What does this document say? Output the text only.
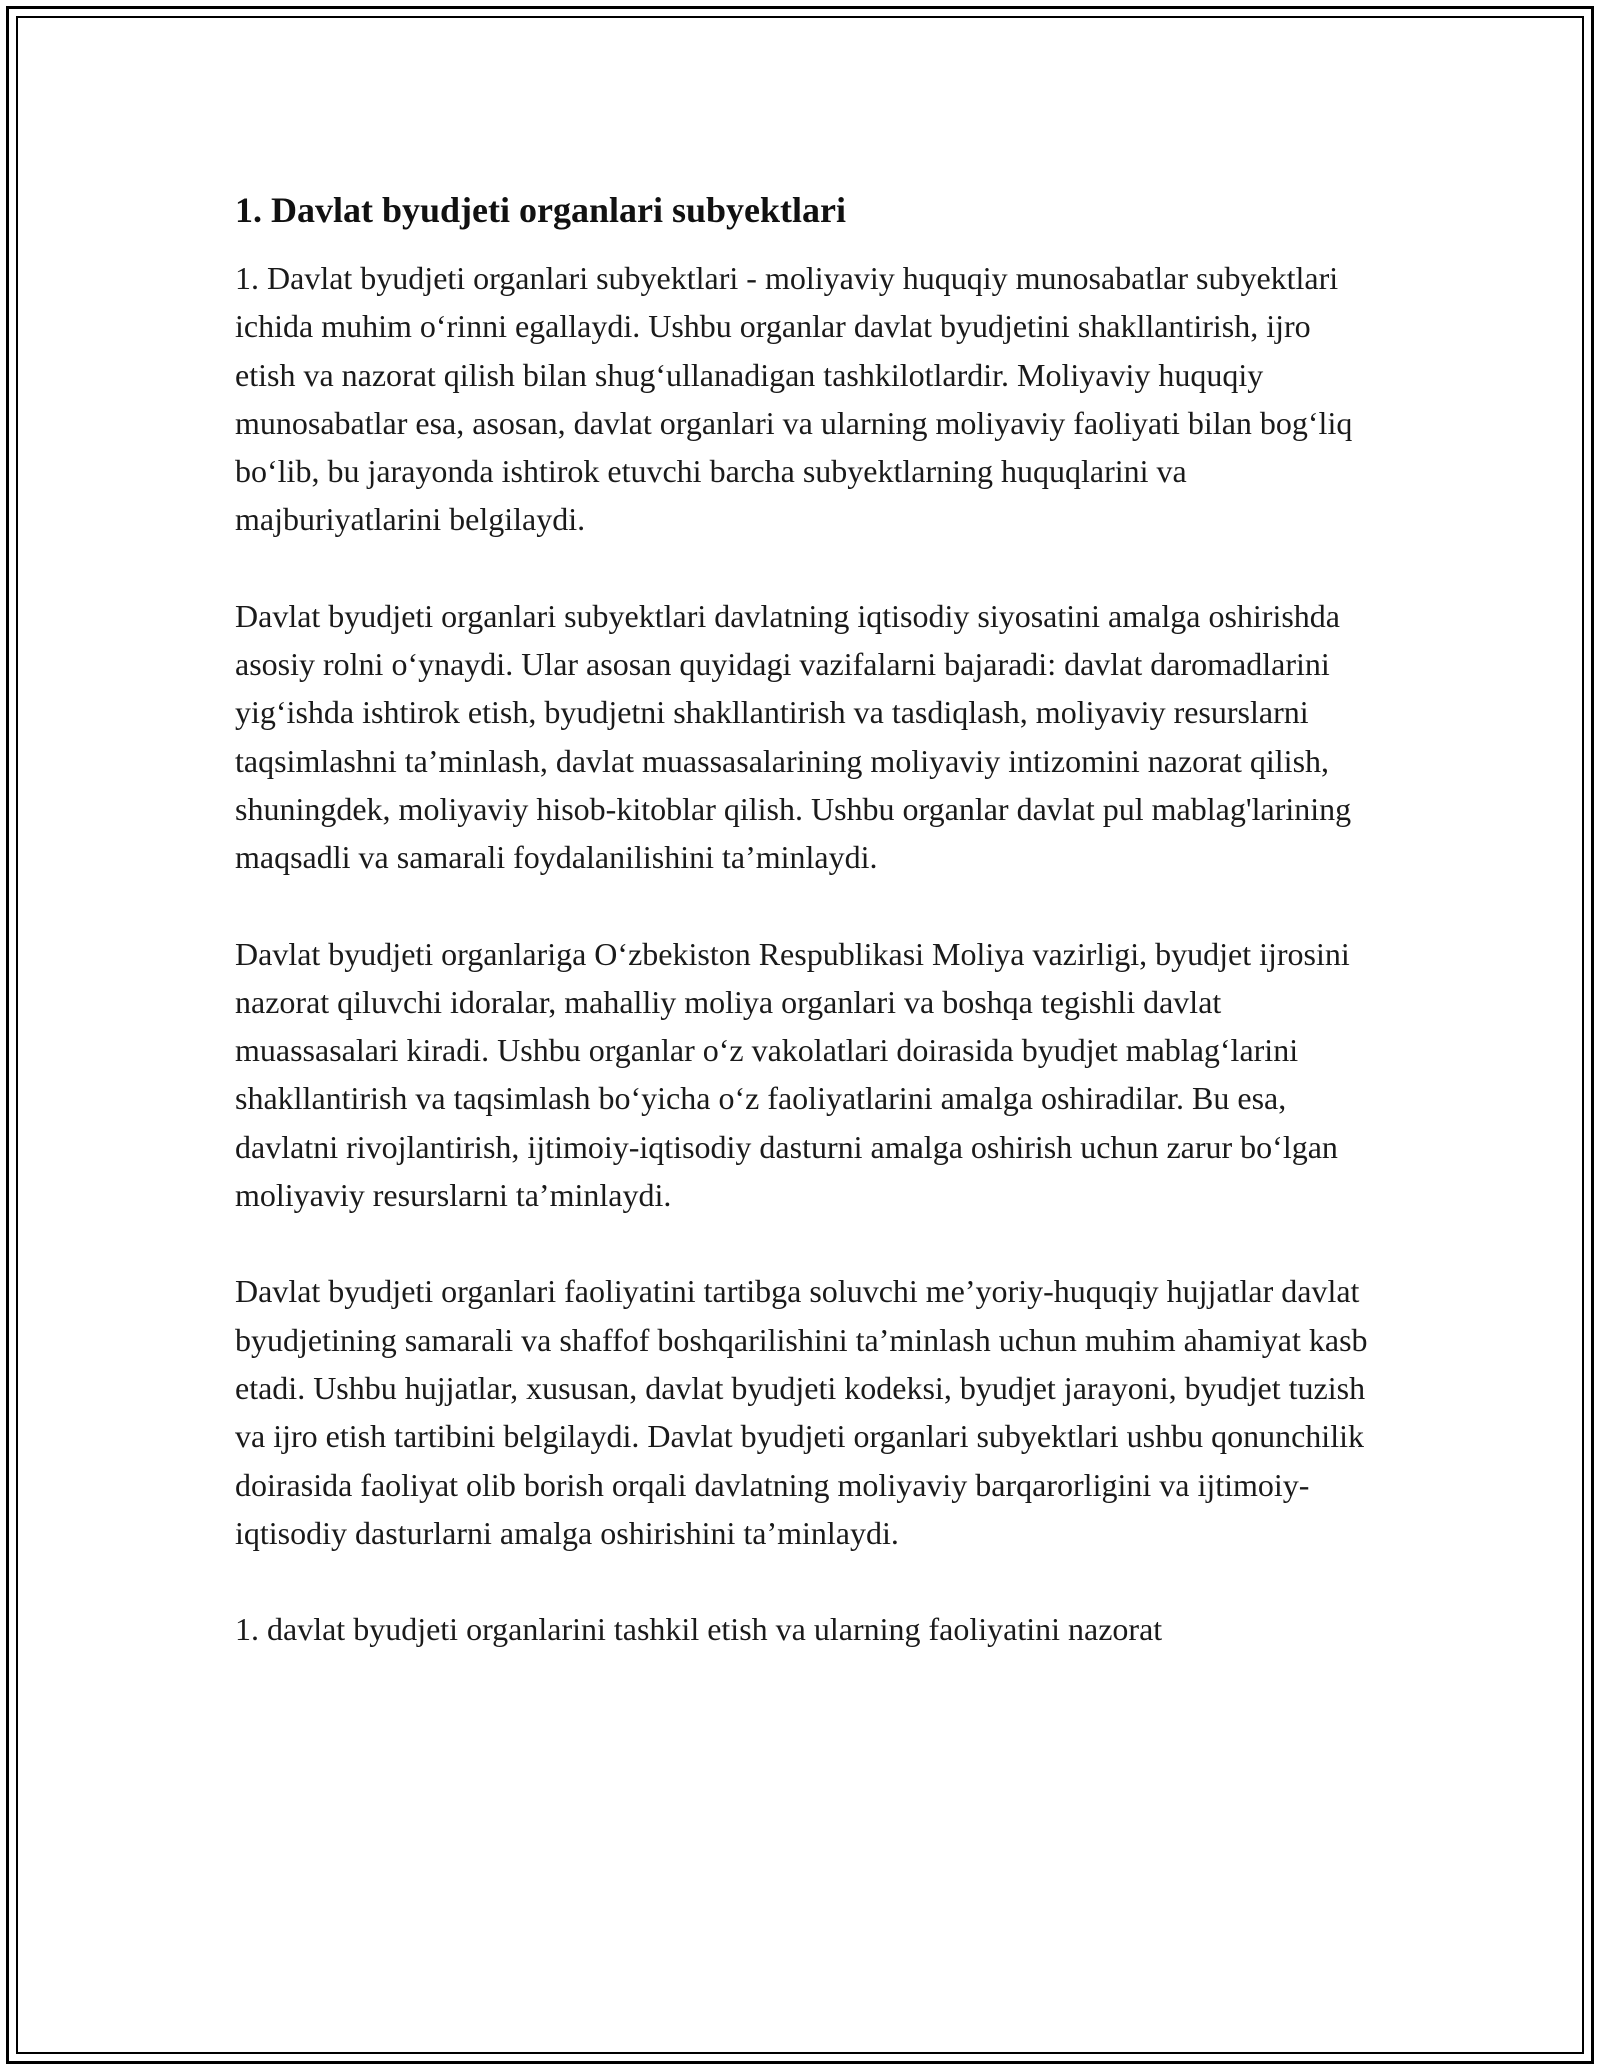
1. Davlat byudjeti organlari subyektlari

1. Davlat byudjeti organlari subyektlari - moliyaviy huquqiy munosabatlar subyektlari ichida muhim o‘rinni egallaydi. Ushbu organlar davlat byudjetini shakllantirish, ijro etish va nazorat qilish bilan shug‘ullanadigan tashkilotlardir. Moliyaviy huquqiy munosabatlar esa, asosan, davlat organlari va ularning moliyaviy faoliyati bilan bog‘liq bo‘lib, bu jarayonda ishtirok etuvchi barcha subyektlarning huquqlarini va majburiyatlarini belgilaydi.

Davlat byudjeti organlari subyektlari davlatning iqtisodiy siyosatini amalga oshirishda asosiy rolni o‘ynaydi. Ular asosan quyidagi vazifalarni bajaradi: davlat daromadlarini yig‘ishda ishtirok etish, byudjetni shakllantirish va tasdiqlash, moliyaviy resurslarni taqsimlashni ta’minlash, davlat muassasalarining moliyaviy intizomini nazorat qilish, shuningdek, moliyaviy hisob-kitoblar qilish. Ushbu organlar davlat pul mablag'larining maqsadli va samarali foydalanilishini ta’minlaydi.

Davlat byudjeti organlariga O‘zbekiston Respublikasi Moliya vazirligi, byudjet ijrosini nazorat qiluvchi idoralar, mahalliy moliya organlari va boshqa tegishli davlat muassasalari kiradi. Ushbu organlar o‘z vakolatlari doirasida byudjet mablag‘larini shakllantirish va taqsimlash bo‘yicha o‘z faoliyatlarini amalga oshiradilar. Bu esa, davlatni rivojlantirish, ijtimoiy-iqtisodiy dasturni amalga oshirish uchun zarur bo‘lgan moliyaviy resurslarni ta’minlaydi.

Davlat byudjeti organlari faoliyatini tartibga soluvchi me’yoriy-huquqiy hujjatlar davlat byudjetining samarali va shaffof boshqarilishini ta’minlash uchun muhim ahamiyat kasb etadi. Ushbu hujjatlar, xususan, davlat byudjeti kodeksi, byudjet jarayoni, byudjet tuzish va ijro etish tartibini belgilaydi. Davlat byudjeti organlari subyektlari ushbu qonunchilik doirasida faoliyat olib borish orqali davlatning moliyaviy barqarorligini va ijtimoiy-iqtisodiy dasturlarni amalga oshirishini ta’minlaydi.

1. davlat byudjeti organlarini tashkil etish va ularning faoliyatini nazorat
